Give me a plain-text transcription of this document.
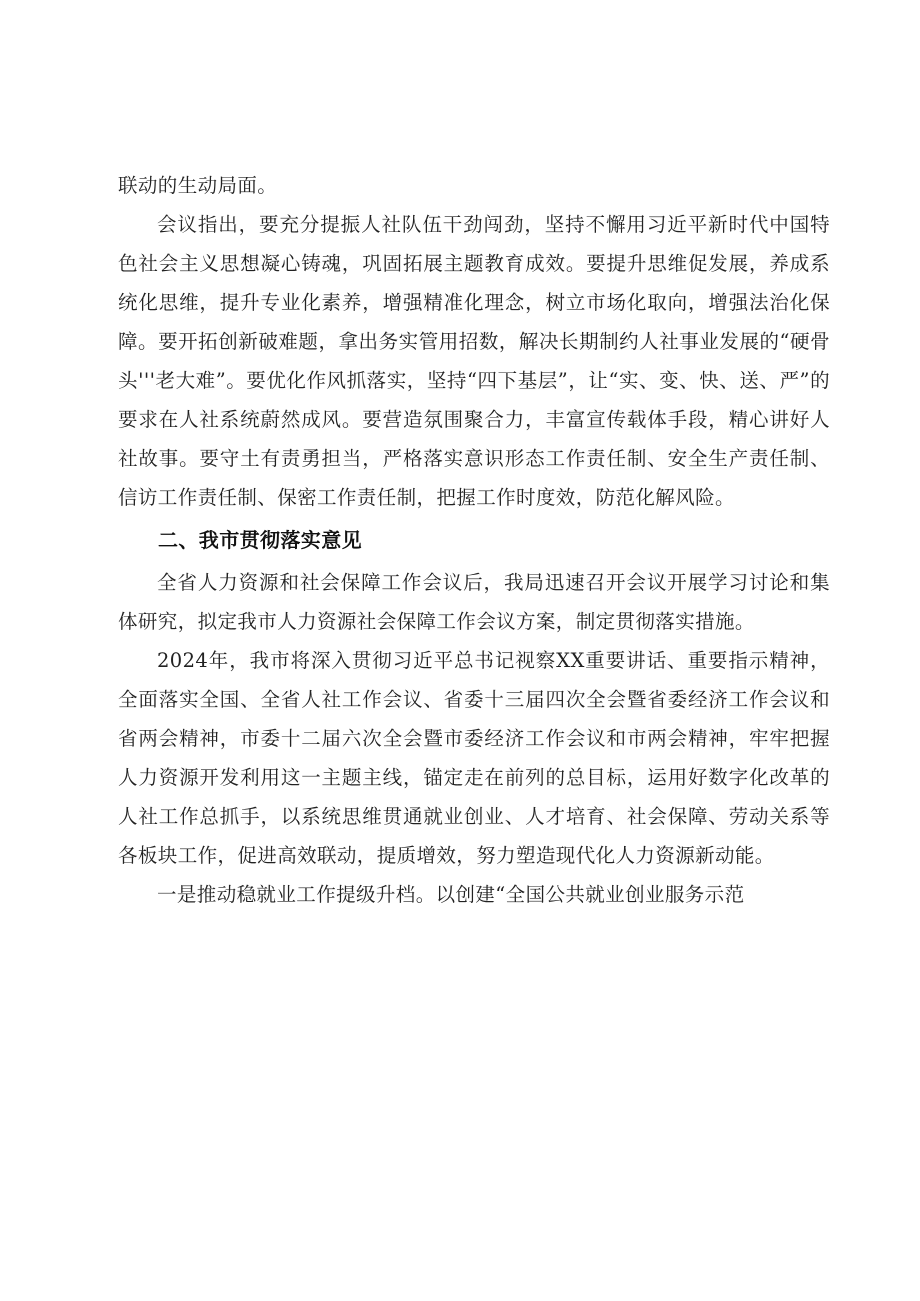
联动的生动局面。

会议指出，要充分提振人社队伍干劲闯劲，坚持不懈用习近平新时代中国特色社会主义思想凝心铸魂，巩固拓展主题教育成效。要提升思维促发展，养成系统化思维，提升专业化素养，增强精准化理念，树立市场化取向，增强法治化保障。要开拓创新破难题，拿出务实管用招数，解决长期制约人社事业发展的“硬骨头'''老大难”。要优化作风抓落实，坚持“四下基层”，让“实、变、快、送、严”的要求在人社系统蔚然成风。要营造氛围聚合力，丰富宣传载体手段，精心讲好人社故事。要守土有责勇担当，严格落实意识形态工作责任制、安全生产责任制、信访工作责任制、保密工作责任制，把握工作时度效，防范化解风险。

二、我市贯彻落实意见

全省人力资源和社会保障工作会议后，我局迅速召开会议开展学习讨论和集体研究，拟定我市人力资源社会保障工作会议方案，制定贯彻落实措施。

2024年，我市将深入贯彻习近平总书记视察XX重要讲话、重要指示精神，全面落实全国、全省人社工作会议、省委十三届四次全会暨省委经济工作会议和省两会精神，市委十二届六次全会暨市委经济工作会议和市两会精神，牢牢把握人力资源开发利用这一主题主线，锚定走在前列的总目标，运用好数字化改革的人社工作总抓手，以系统思维贯通就业创业、人才培育、社会保障、劳动关系等各板块工作，促进高效联动，提质增效，努力塑造现代化人力资源新动能。

一是推动稳就业工作提级升档。以创建“全国公共就业创业服务示范
